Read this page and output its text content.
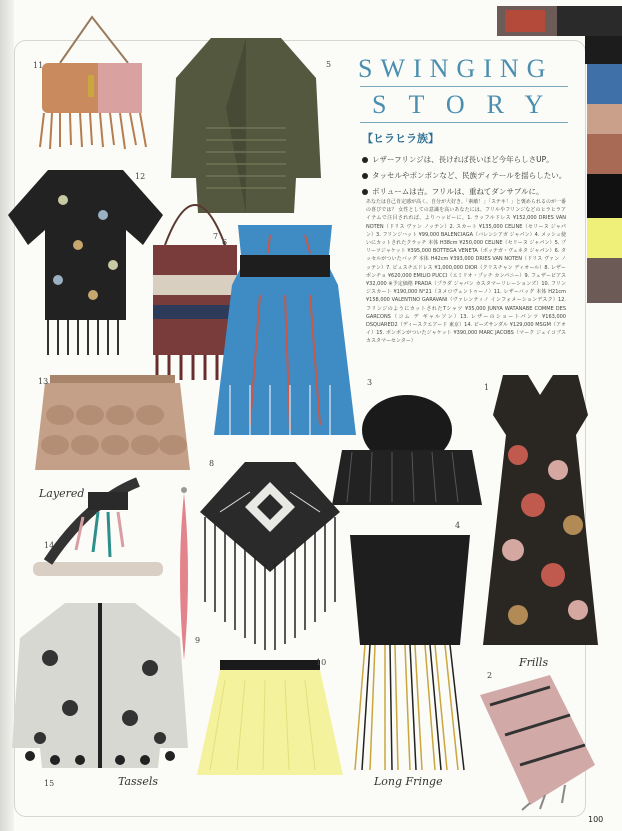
11	5
12
7
6
13	3
1
8
4
14
9
10
2
15
Layered
Tassels	Long Fringe
Frills
SWINGING
STORY
【ヒラヒラ族】
レザーフリンジは、長ければ長いほど今年らしさUP。
タッセルやポンポンなど、民族ディテールを揺らしたい。
ボリュームは吉。フリルは、重ねてダンサブルに。
あなたは自己肯定感が高く、自分が大好き。「素敵！」「ステキ！」と褒められるのが一番の喜びでは？ 女性としての意識を高いあなたには、フリルやフリンジなどのヒラヒラアイテムで注目されれば、よりハッピーに。1. ラッフルドレス ¥152,000 DRIES VAN NOTEN（ドリス ヴァン ノッテン）2. スカート ¥135,000 CELINE（セリーヌ ジャパン）3. フリンジハット ¥99,000 BALENCIAGA（バレンシアガ ジャパン）4. メッシュ使いにカットされたクラッチ 本体 H38cm ¥250,000 CELINE（セリーヌ ジャパン）5. プリーツジャケット ¥395,000 BOTTEGA VENETA（ボッテガ・ヴェネタ ジャパン）6. タッセルがついたバッグ 本体 H42cm ¥393,000 DRIES VAN NOTEN（ドリス ヴァン ノッテン）7. ビュスチエドレス ¥1,000,000 DIOR（クリスチャン ディオール）8. レザーポンチョ ¥620,000 EMILIO PUCCI（エミリオ・プッチ カンパニー）9. フェザーピアス ¥32,000 ※予定価格 PRADA（プラダ ジャパン カスタマーリレーションズ）10. フリンジスカート ¥190,000 N°21（ヌメロヴェントゥーノ）11. レザーバッグ 本体 H21cm ¥158,000 VALENTINO GARAVANI（ヴァレンティノ インフォメーションデスク）12. フリンジのようにカットされたTシャツ ¥35,000 JUNYA WATANABE COMME DES GARCONS（コム デ ギャルソン）13. レザーのショートパンツ ¥163,000 DSQUARED2（ディースクエアード 東京）14. ビーズサンダル ¥129,000 MSGM（アオイ）15. ボンボンがついたジャケット ¥390,000 MARC JACOBS（マーク ジェイコブス カスタマーセンター）
100
